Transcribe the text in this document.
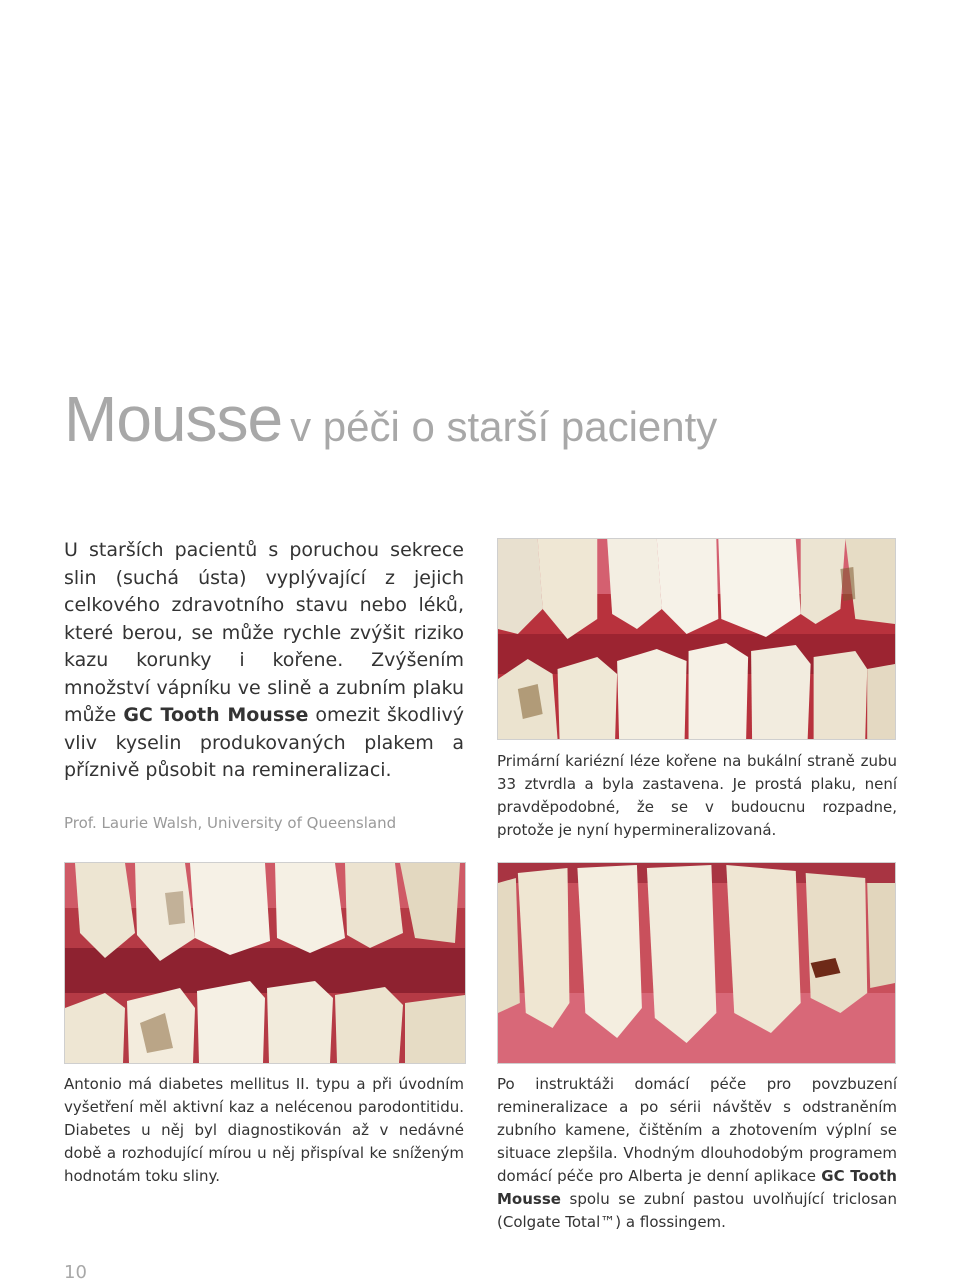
Mousse v péči o starší pacienty

U starších pacientů s poruchou sekrece slin (suchá ústa) vyplývající z jejich celkového zdravotního stavu nebo léků, které berou, se může rychle zvýšit riziko kazu korunky i kořene. Zvýšením množství vápníku ve slině a zubním plaku může GC Tooth Mousse omezit škodlivý vliv kyselin produkovaných plakem a příznivě působit na remineralizaci.

Prof. Laurie Walsh, University of Queensland

Primární kariézní léze kořene na bukální straně zubu 33 ztvrdla a byla zastavena. Je prostá plaku, není pravděpodobné, že se v budoucnu rozpadne, protože je nyní hypermineralizovaná.

Antonio má diabetes mellitus II. typu a při úvodním vyšetření měl aktivní kaz a nelécenou parodontitidu. Diabetes u něj byl diagnostikován až v nedávné době a rozhodující mírou u něj přispíval ke sníženým hodnotám toku sliny.

Po instruktáži domácí péče pro povzbuzení remineralizace a po sérii návštěv s odstraněním zubního kamene, čištěním a zhotovením výplní se situace zlepšila. Vhodným dlouhodobým programem domácí péče pro Alberta je denní aplikace GC Tooth Mousse spolu se zubní pastou uvolňující triclosan (Colgate Total™) a flossingem.

10
